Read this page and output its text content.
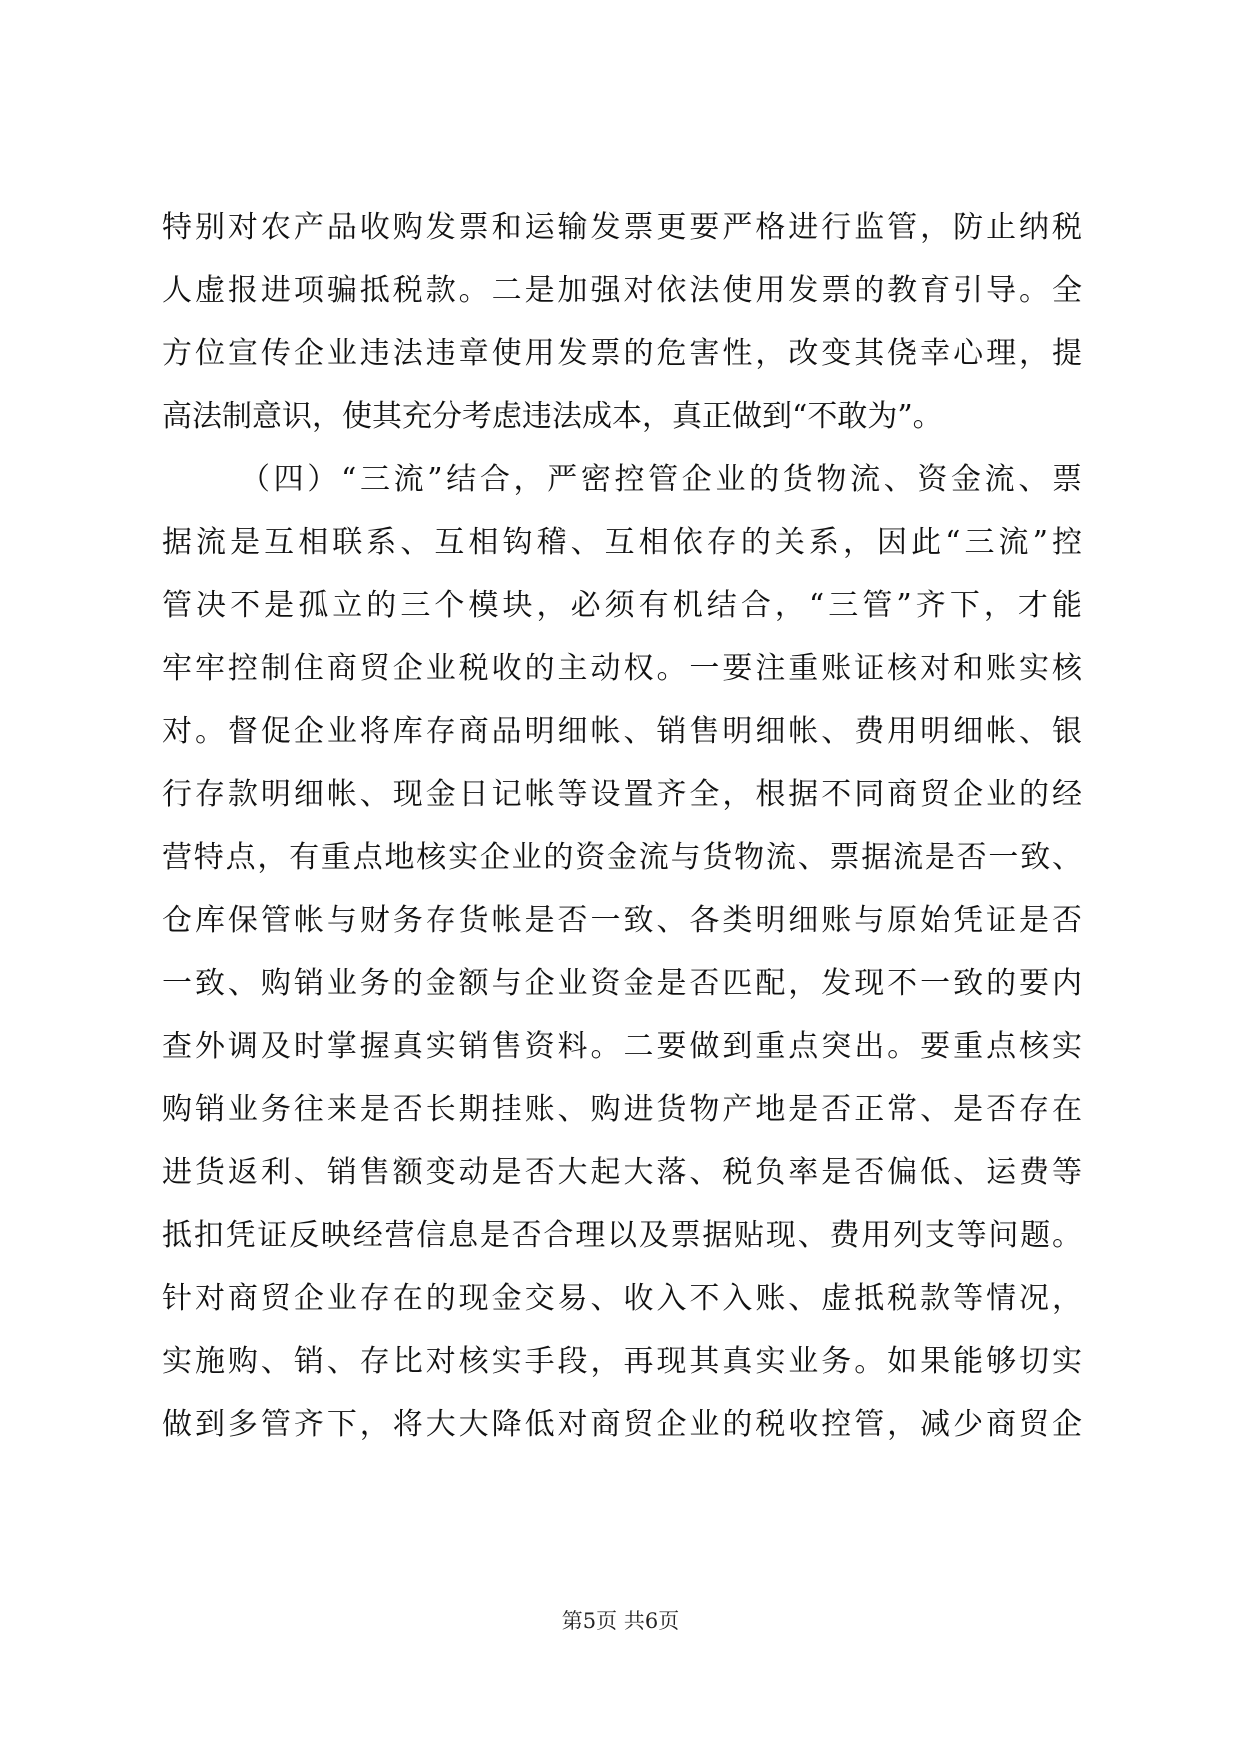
特别对农产品收购发票和运输发票更要严格进行监管，防止纳税
人虚报进项骗抵税款。二是加强对依法使用发票的教育引导。全
方位宣传企业违法违章使用发票的危害性，改变其侥幸心理，提
高法制意识，使其充分考虑违法成本，真正做到“不敢为”。
（四）“三流”结合，严密控管企业的货物流、资金流、票
据流是互相联系、互相钩稽、互相依存的关系，因此“三流”控
管决不是孤立的三个模块，必须有机结合，“三管”齐下，才能
牢牢控制住商贸企业税收的主动权。一要注重账证核对和账实核
对。督促企业将库存商品明细帐、销售明细帐、费用明细帐、银
行存款明细帐、现金日记帐等设置齐全，根据不同商贸企业的经
营特点，有重点地核实企业的资金流与货物流、票据流是否一致、
仓库保管帐与财务存货帐是否一致、各类明细账与原始凭证是否
一致、购销业务的金额与企业资金是否匹配，发现不一致的要内
查外调及时掌握真实销售资料。二要做到重点突出。要重点核实
购销业务往来是否长期挂账、购进货物产地是否正常、是否存在
进货返利、销售额变动是否大起大落、税负率是否偏低、运费等
抵扣凭证反映经营信息是否合理以及票据贴现、费用列支等问题。
针对商贸企业存在的现金交易、收入不入账、虚抵税款等情况，
实施购、销、存比对核实手段，再现其真实业务。如果能够切实
做到多管齐下，将大大降低对商贸企业的税收控管，减少商贸企
第5页 共6页
